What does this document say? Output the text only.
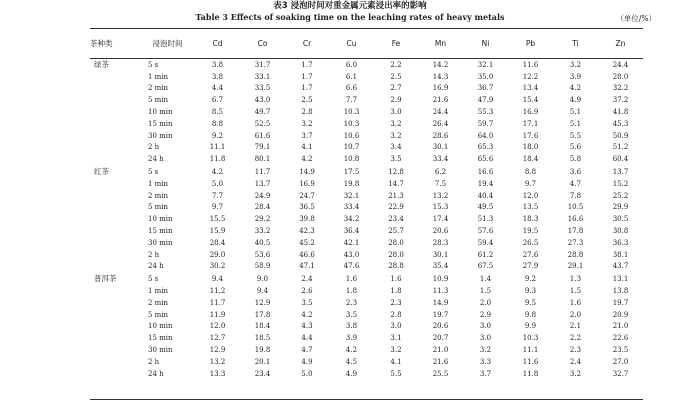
表3 浸泡时间对重金属元素浸出率的影响
Table 3 Effects of soaking time on the leaching rates of heavy metals	（单位/%）
茶种类	浸泡时间	Cd	Co	Cr	Cu	Fe	Mn	Ni	Pb	Ti	Zn
绿茶	5 s	3.8	31.7	1.7	6.0	2.2	14.2	32.1	11.6	3.2	24.4
	1 min	3.8	33.1	1.7	6.1	2.5	14.3	35.0	12.2	3.9	28.0
	2 min	4.4	33.5	1.7	6.6	2.7	16.9	36.7	13.4	4.2	32.2
	5 min	6.7	43.0	2.5	7.7	2.9	21.6	47.9	15.4	4.9	37.2
	10 min	8.5	49.7	2.8	10.3	3.0	24.4	55.3	16.9	5.1	41.8
	15 min	8.8	52.5	3.2	10.3	3.2	26.4	59.7	17.1	5.1	45.3
	30 min	9.2	61.6	3.7	10.6	3.2	28.6	64.0	17.6	5.5	50.9
	2 h	11.1	79.1	4.1	10.7	3.4	30.1	65.3	18.0	5.6	51.2
	24 h	11.8	80.1	4.2	10.8	3.5	33.4	65.6	18.4	5.8	60.4
红茶	5 s	4.2	11.7	14.9	17.5	12.8	6.2	16.6	8.8	3.6	13.7
	1 min	5.0	13.7	16.9	19.8	14.7	7.5	19.4	9.7	4.7	15.2
	2 min	7.7	24.9	24.7	32.1	21.3	13.2	40.4	12.0	7.8	25.2
	5 min	9.7	28.4	36.5	33.4	22.9	15.3	49.5	13.5	10.5	29.9
	10 min	15.5	29.2	39.8	34.2	23.4	17.4	51.3	18.3	16.6	30.5
	15 min	15.9	33.2	42.3	36.4	25.7	20.6	57.6	19.5	17.8	30.8
	30 min	28.4	40.5	45.2	42.1	28.0	28.3	59.4	26.5	27.3	36.3
	2 h	29.0	53.6	46.6	43.0	28.0	30.1	61.2	27.6	28.8	38.1
	24 h	30.2	58.9	47.1	47.6	28.8	35.4	67.5	27.9	29.1	43.7
普洱茶	5 s	9.4	9.0	2.4	1.6	1.6	10.9	1.4	9.2	1.3	13.1
	1 min	11.2	9.4	2.6	1.8	1.8	11.3	1.5	9.3	1.5	13.8
	2 min	11.7	12.9	3.5	2.3	2.3	14.9	2.0	9.5	1.6	19.7
	5 min	11.9	17.8	4.2	3.5	2.8	19.7	2.9	9.8	2.0	20.9
	10 min	12.0	18.4	4.3	3.8	3.0	20.6	3.0	9.9	2.1	21.0
	15 min	12.7	18.5	4.4	3.9	3.1	20.7	3.0	10.3	2.2	22.6
	30 min	12.9	19.8	4.7	4.2	3.2	21.0	3.2	11.1	2.3	23.5
	2 h	13.2	20.1	4.9	4.5	4.1	21.6	3.3	11.6	2.4	27.0
	24 h	13.3	23.4	5.0	4.9	5.5	25.5	3.7	11.8	3.2	32.7
